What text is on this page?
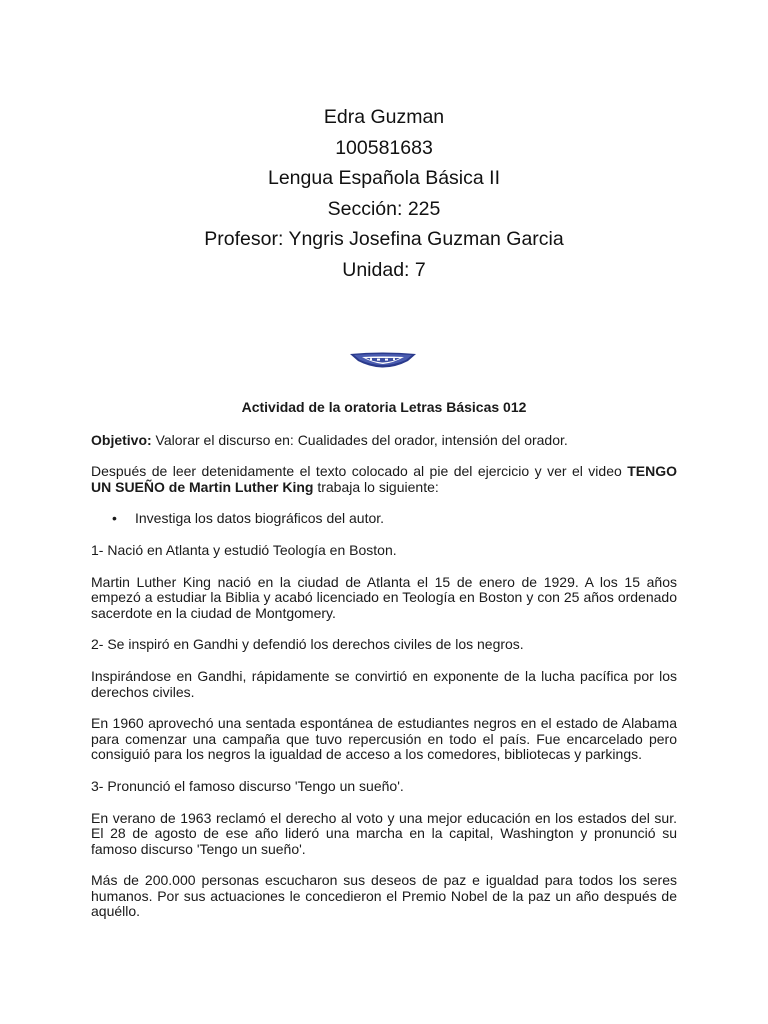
Edra Guzman
100581683
Lengua Española Básica II
Sección: 225
Profesor: Yngris Josefina Guzman Garcia
Unidad: 7

Actividad de la oratoria Letras Básicas 012

Objetivo: Valorar el discurso en: Cualidades del orador, intensión del orador.

Después de leer detenidamente el texto colocado al pie del ejercicio y ver el video TENGO UN SUEÑO de Martin Luther King trabaja lo siguiente:

•	Investiga los datos biográficos del autor.

1- Nació en Atlanta y estudió Teología en Boston.

Martin Luther King nació en la ciudad de Atlanta el 15 de enero de 1929. A los 15 años empezó a estudiar la Biblia y acabó licenciado en Teología en Boston y con 25 años ordenado sacerdote en la ciudad de Montgomery.

2- Se inspiró en Gandhi y defendió los derechos civiles de los negros.

Inspirándose en Gandhi, rápidamente se convirtió en exponente de la lucha pacífica por los derechos civiles.

En 1960 aprovechó una sentada espontánea de estudiantes negros en el estado de Alabama para comenzar una campaña que tuvo repercusión en todo el país. Fue encarcelado pero consiguió para los negros la igualdad de acceso a los comedores, bibliotecas y parkings.

3- Pronunció el famoso discurso 'Tengo un sueño'.

En verano de 1963 reclamó el derecho al voto y una mejor educación en los estados del sur. El 28 de agosto de ese año lideró una marcha en la capital, Washington y pronunció su famoso discurso 'Tengo un sueño'.

Más de 200.000 personas escucharon sus deseos de paz e igualdad para todos los seres humanos. Por sus actuaciones le concedieron el Premio Nobel de la paz un año después de aquéllo.
